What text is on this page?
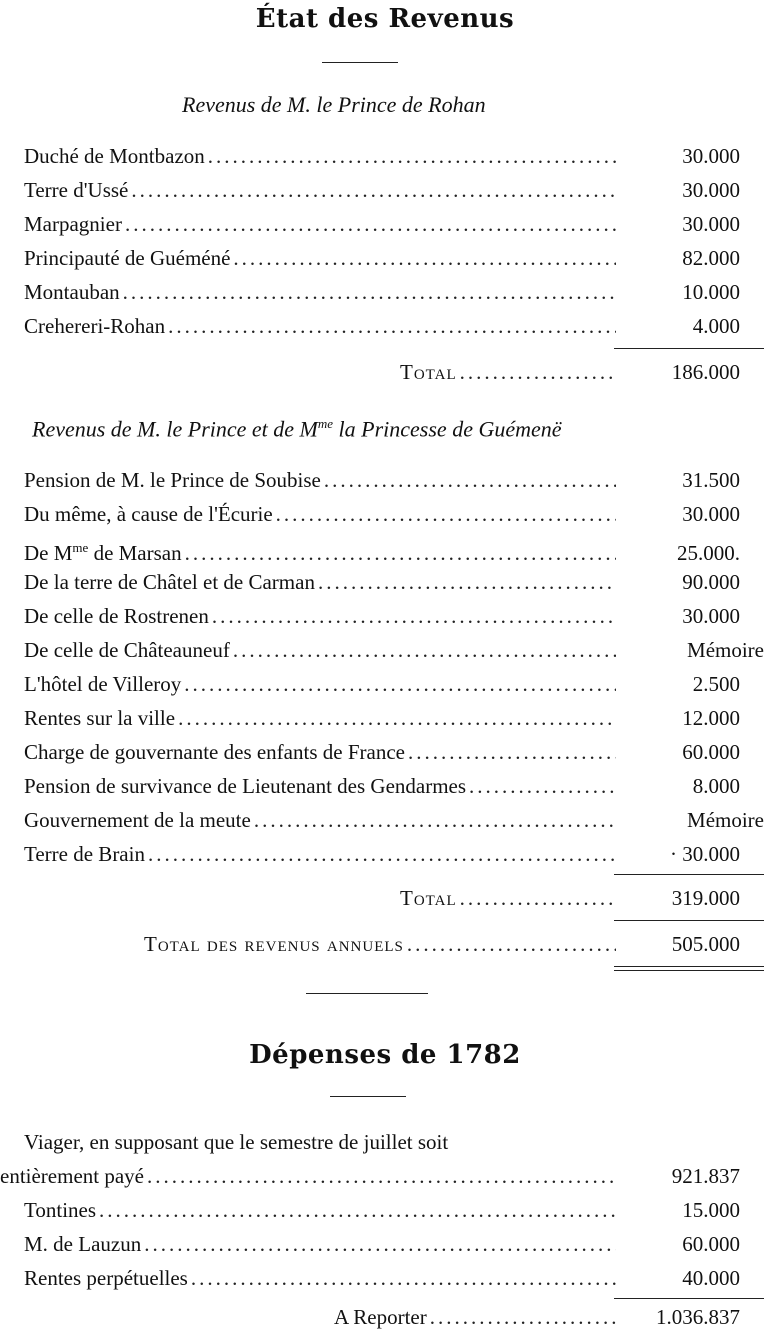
État des Revenus
Revenus de M. le Prince de Rohan
Duché de Montbazon .....	30.000
Terre d'Ussé .....	30.000
Marpagnier .....	30.000
Principauté de Guéméné .....	82.000
Montauban .....	10.000
Crehereri-Rohan .....	4.000
Total .....	186.000
Revenus de M. le Prince et de $M^{me}$ la Princesse de Guémenë
Pension de M. le Prince de Soubise .....	31.500
Du même, à cause de l'Écurie .....	30.000
De $M^{me}$ de Marsan .....	25.000.
De la terre de Châtel et de Carman .....	90.000
De celle de Rostrenen .....	30.000
De celle de Châteauneuf .....	Mémoire
L'hôtel de Villeroy .....	2.500
Rentes sur la ville .....	12.000
Charge de gouvernante des enfants de France .....	60.000
Pension de survivance de Lieutenant des Gendarmes .....	8.000
Gouvernement de la meute .....	Mémoire
Terre de Brain .....	· 30.000
Total .....	319.000
Total des revenus annuels .....	505.000
Dépenses de 1782
Viager, en supposant que le semestre de juillet soit
entièrement payé .....	921.837
Tontines .....	15.000
M. de Lauzun .....	60.000
Rentes perpétuelles .....	40.000
A Reporter .....	1.036.837
